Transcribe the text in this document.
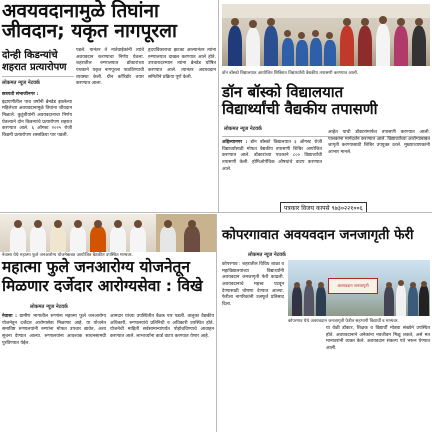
अवयवदानामुळे तिघांना
जीवदान; यकृत नागपूरला
दोन्ही किडन्यांचे
शहरात प्रत्यारोपण
लोकमत न्यूज नेटवर्क

छत्रपती संभाजीनगर :

इंद्रायणीतील पाच वर्षांनी ब्रेनडेड झालेल्या महिलेच्या अवयवदानामुळे तिघांना जीवदान मिळाले. कुटुंबीयांनी अवयवदानाचा निर्णय घेतल्याने दोन किडन्यांचे प्रत्यारोपण शहरात करण्यात आले. ६ ऑगस्ट २०२५ रोजी किडनी प्रत्यारोपण शस्त्रक्रिया पार पडली.

पडले. यानंतर ते नातेवाईकांनी त्यांचे अवयवदान करण्याचा निर्णय घेतला. शहरातील रुग्णालयात डॉक्टरांच्या पथकाने यकृत नागपूरला पाठविण्याची व्यवस्था केली. ग्रीन कॉरिडॉर तयार करण्यात आला.
हृदयविकाराचा झटका आल्यानंतर त्यांना रुग्णालयात दाखल करण्यात आले होते. उपचारादरम्यान त्यांना ब्रेनडेड घोषित करण्यात आले. त्यानंतर अवयवदान समितीने प्रक्रिया पूर्ण केली.
डॉन बॉस्को विद्यालयात आयोजित शिबिरात विद्यार्थ्यांची वैद्यकीय तपासणी करण्यात आली.
डॉन बॉस्को विद्यालयात
विद्यार्थ्यांची वैद्यकीय तपासणी
लोकमत न्यूज नेटवर्क

अहिल्यानगर : डॉन बॉस्को विद्यालयात ३ ऑगस्ट रोजी विद्यार्थ्यांसाठी मोफत वैद्यकीय तपासणी शिबिर आयोजित करण्यात आले. डॉक्टरांच्या पथकाने ८०० विद्यार्थ्यांची तपासणी केली. होमिओपॅथिक औषधांचे वाटप करण्यात आले.

आहेत याची डॉक्टरांमार्फत तपासणी करण्यात आली. पालकांना मार्गदर्शन करण्यात आले. विद्यार्थ्यांच्या आरोग्याबाबत जागृती करण्यासाठी शिबिर उपयुक्त ठरले. मुख्याध्यापकांनी आभार मानले.
पत्रकार विजय कापसे ९७३०२२१००६
नेवासा येथे महात्मा फुले जनआरोग्य योजनेबाबत आयोजित बैठकीत उपस्थित मान्यवर.
महात्मा फुले जनआरोग्य योजनेतून
मिळणार दर्जेदार आरोग्यसेवा : विखे
लोकमत न्यूज नेटवर्क

नेवासा : ग्रामीण भागातील रुग्णांना महात्मा फुले जनआरोग्य योजनेतून दर्जेदार आरोग्यसेवा मिळणार आहे. या योजनेत समाविष्ट रुग्णालयांनी रुग्णांना मोफत उपचार द्यावेत, अशा सूचना देण्यात आल्या. रुग्णालयांना आवश्यक साधनसामग्री पुरविण्यात येईल.

आमदार यांच्या उपस्थितीत बैठक पार पडली. तालुका वैद्यकीय अधिकारी, रुग्णालयांचे प्रतिनिधी व अधिकारी उपस्थित होते. योजनेची माहिती सर्वसामान्यांपर्यंत पोहोचविण्याचे आवाहन करण्यात आले. लाभार्थ्यांना कार्ड वाटप करण्यात येणार आहे.
कोपरगावात अवयवदान जनजागृती फेरी
लोकमत न्यूज नेटवर्क
अवयवदान जनजागृती
कोपरगाव : शहरातील विविध शाळा व महाविद्यालयांच्या विद्यार्थ्यांनी अवयवदान जनजागृती फेरी काढली. अवयवदानाचे महत्त्व पटवून देण्यासाठी घोषणा देण्यात आल्या. फेरीला नागरिकांनी उत्स्फूर्त प्रतिसाद दिला.
कोपरगाव येथे अवयवदान जनजागृती फेरीत सहभागी विद्यार्थी व मान्यवर.
या वेळी डॉक्टर, शिक्षक व विद्यार्थी मोठ्या संख्येने उपस्थित होते. अवयवदानाने अनेकांना नवजीवन मिळू शकते, असे मत मान्यवरांनी व्यक्त केले. अवयवदान संकल्प पत्रे भरून घेण्यात आली.
